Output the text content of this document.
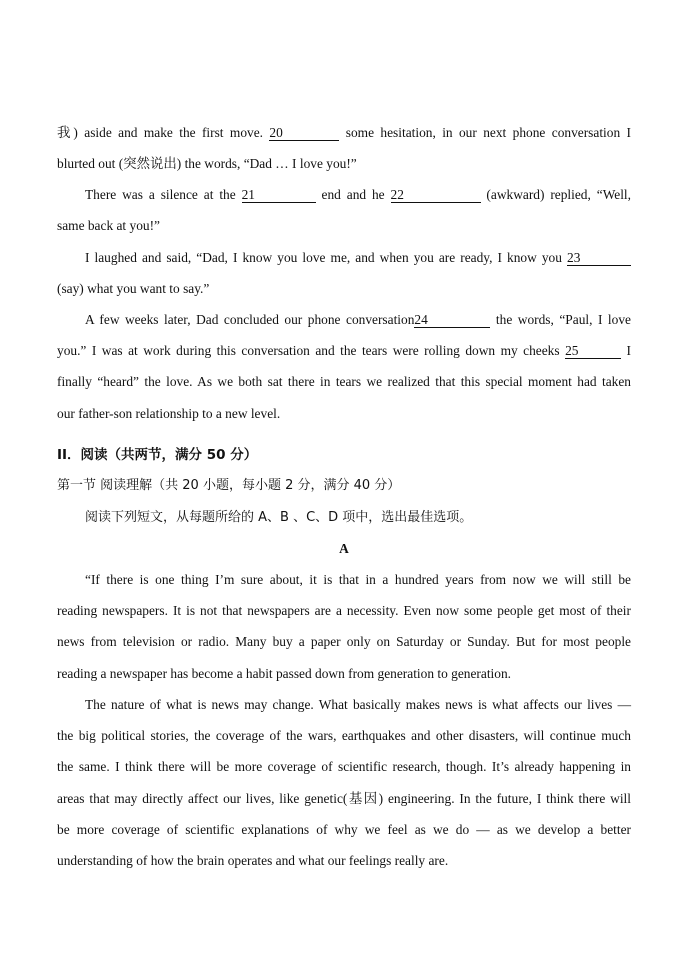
我) aside and make the first move. 20	some hesitation, in our next phone conversation I
blurted out (突然说出) the words, “Dad … I love you!”
There was a silence at the 21	end and he 22	(awkward) replied, “Well,
same back at you!”
I laughed and said, “Dad, I know you love me, and when you are ready, I know you 23
(say) what you want to say.”
A few weeks later, Dad concluded our phone conversation24	the words, “Paul, I love
you.” I was at work during this conversation and the tears were rolling down my cheeks 25	I
finally “heard” the love. As we both sat there in tears we realized that this special moment had taken
our father-son relationship to a new level.
II．阅读（共两节，满分 50 分）
第一节 阅读理解（共 20 小题，每小题 2 分，满分 40 分）
阅读下列短文，从每题所给的 A、B 、C、D 项中，选出最佳选项。
A
“If there is one thing I’m sure about, it is that in a hundred years from now we will still be
reading newspapers. It is not that newspapers are a necessity. Even now some people get most of their
news from television or radio. Many buy a paper only on Saturday or Sunday. But for most people
reading a newspaper has become a habit passed down from generation to generation.
The nature of what is news may change. What basically makes news is what affects our lives —
the big political stories, the coverage of the wars, earthquakes and other disasters, will continue much
the same. I think there will be more coverage of scientific research, though. It’s already happening in
areas that may directly affect our lives, like genetic(基因) engineering. In the future, I think there will
be more coverage of scientific explanations of why we feel as we do — as we develop a better
understanding of how the brain operates and what our feelings really are.
